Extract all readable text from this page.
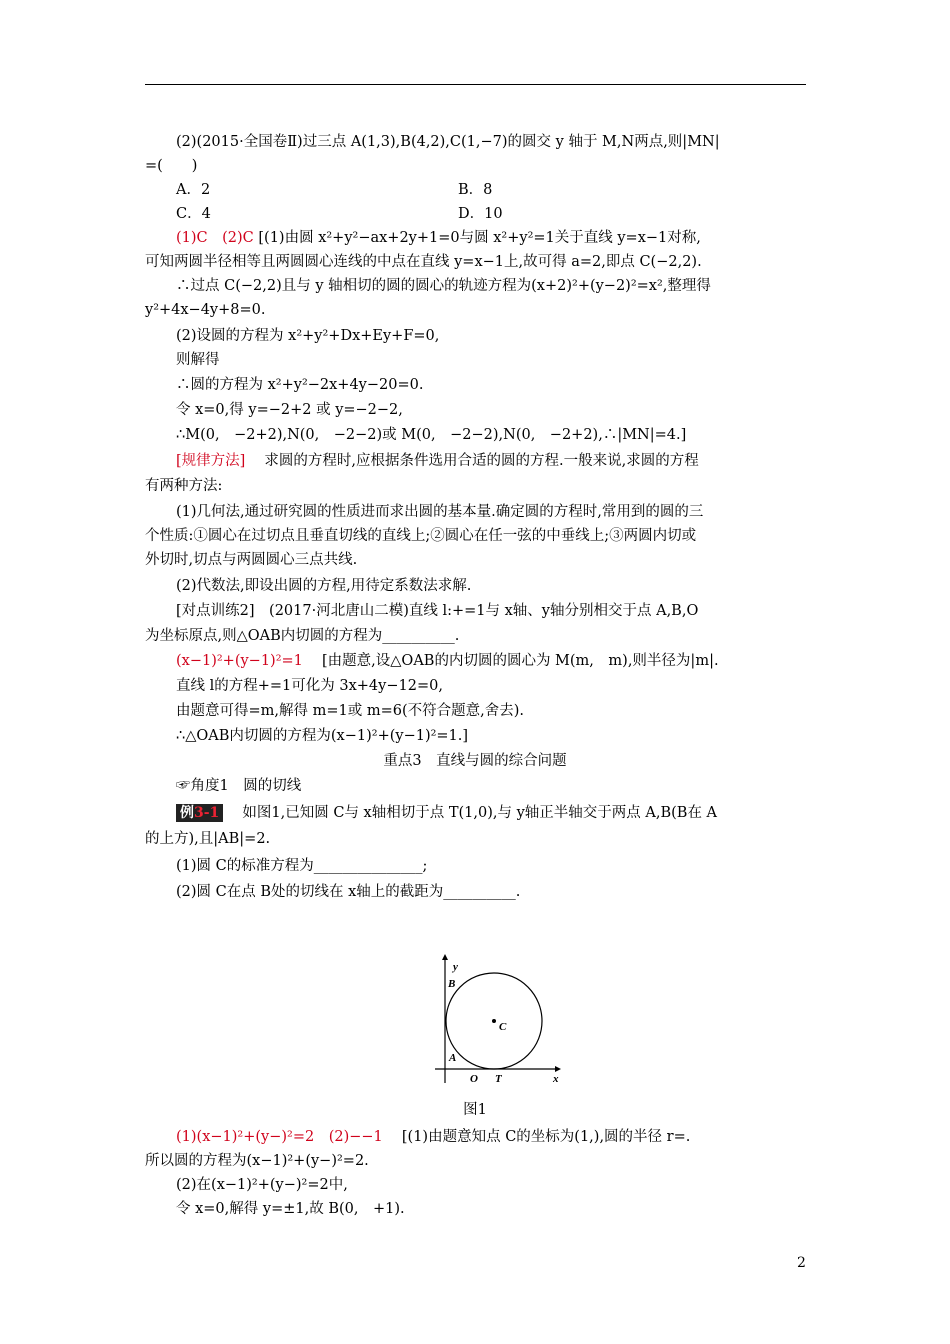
(2)(2015·全国卷Ⅱ)过三点 A(1,3),B(4,2),C(1,−7)的圆交 y 轴于 M,N两点,则|MN|
=(　　)
A．2	B．8
C．4	D．10
(1)C　(2)C [(1)由圆 x²+y²−ax+2y+1=0与圆 x²+y²=1关于直线 y=x−1对称,
可知两圆半径相等且两圆圆心连线的中点在直线 y=x−1上,故可得 a=2,即点 C(−2,2).
∴过点 C(−2,2)且与 y 轴相切的圆的圆心的轨迹方程为(x+2)²+(y−2)²=x²,整理得
y²+4x−4y+8=0.
(2)设圆的方程为 x²+y²+Dx+Ey+F=0,
则解得
∴圆的方程为 x²+y²−2x+4y−20=0.
令 x=0,得 y=−2+2 或 y=−2−2,
∴M(0,　−2+2),N(0,　−2−2)或 M(0,　−2−2),N(0,　−2+2),∴|MN|=4.]
[规律方法] 　求圆的方程时,应根据条件选用合适的圆的方程.一般来说,求圆的方程
有两种方法:
(1)几何法,通过研究圆的性质进而求出圆的基本量.确定圆的方程时,常用到的圆的三
个性质:①圆心在过切点且垂直切线的直线上;②圆心在任一弦的中垂线上;③两圆内切或
外切时,切点与两圆圆心三点共线.
(2)代数法,即设出圆的方程,用待定系数法求解.
[对点训练2]　(2017·河北唐山二模)直线 l:+=1与 x轴、y轴分别相交于点 A,B,O
为坐标原点,则△OAB内切圆的方程为__________.
(x−1)²+(y−1)²=1 　[由题意,设△OAB的内切圆的圆心为 M(m,　m),则半径为|m|.
直线 l的方程+=1可化为 3x+4y−12=0,
由题意可得=m,解得 m=1或 m=6(不符合题意,舍去).
∴△OAB内切圆的方程为(x−1)²+(y−1)²=1.]
重点3　直线与圆的综合问题
☞角度1　圆的切线
例3-1 　如图1,已知圆 C与 x轴相切于点 T(1,0),与 y轴正半轴交于两点 A,B(B在 A
的上方),且|AB|=2.
(1)圆 C的标准方程为_______________;
(2)圆 C在点 B处的切线在 x轴上的截距为__________.
y
x
B
C
A
O T
图1
(1)(x−1)²+(y−)²=2　(2)−−1 　[(1)由题意知点 C的坐标为(1,),圆的半径 r=.
所以圆的方程为(x−1)²+(y−)²=2.
(2)在(x−1)²+(y−)²=2中,
令 x=0,解得 y=±1,故 B(0,　+1).
2
